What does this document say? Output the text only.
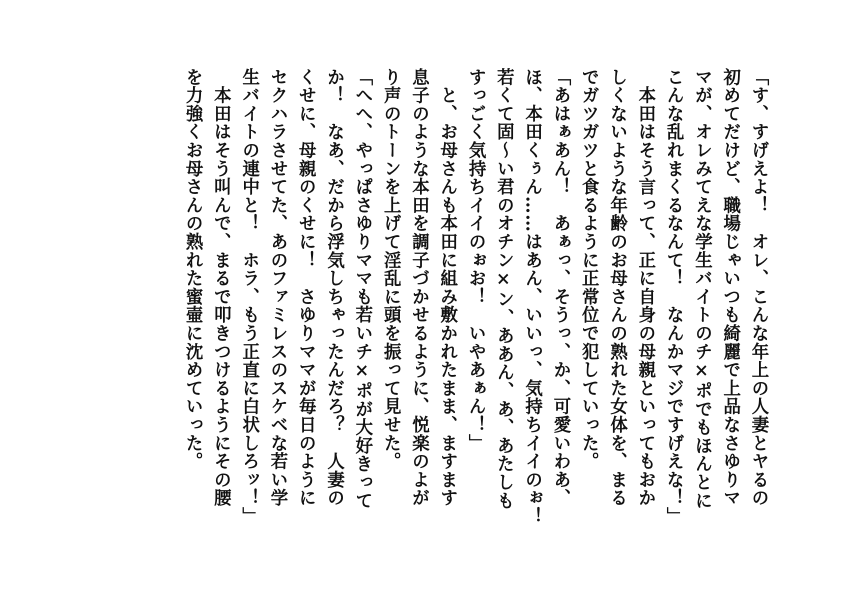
「す、すげえよ！　オレ、こんな年上の人妻とヤるの
初めてだけど、職場じゃいつも綺麗で上品なさゆりマ
マが、オレみてえな学生バイトのチ×ポでもほんとに
こんな乱れまくるなんて！　なんかマジですげえな！」
　本田はそう言って、正に自身の母親といってもおか
しくないような年齢のお母さんの熟れた女体を、まる
でガツガツと食るように正常位で犯していった。
「あはぁあん！　あぁっ、そうっ、か、可愛いわあ、
ほ、本田くぅん……はあん、いいっ、気持ちイイのぉ！
若くて固～い君のオチン×ン、ああん、あ、あたしも
すっごく気持ちイイのぉお！　いやあぁん！」
　と、お母さんも本田に組み敷かれたまま、ますます
息子のような本田を調子づかせるように、悦楽のよが
り声のトーンを上げて淫乱に頭を振って見せた。
「へへ、やっぱさゆりママも若いチ×ポが大好きって
か！　なあ、だから浮気しちゃったんだろ？　人妻の
くせに、母親のくせに！　さゆりママが毎日のように
セクハラさせてた、あのファミレスのスケベな若い学
生バイトの連中と！　ホラ、もう正直に白状しろッ！」
　本田はそう叫んで、まるで叩きつけるようにその腰
を力強くお母さんの熟れた蜜壷に沈めていった。
